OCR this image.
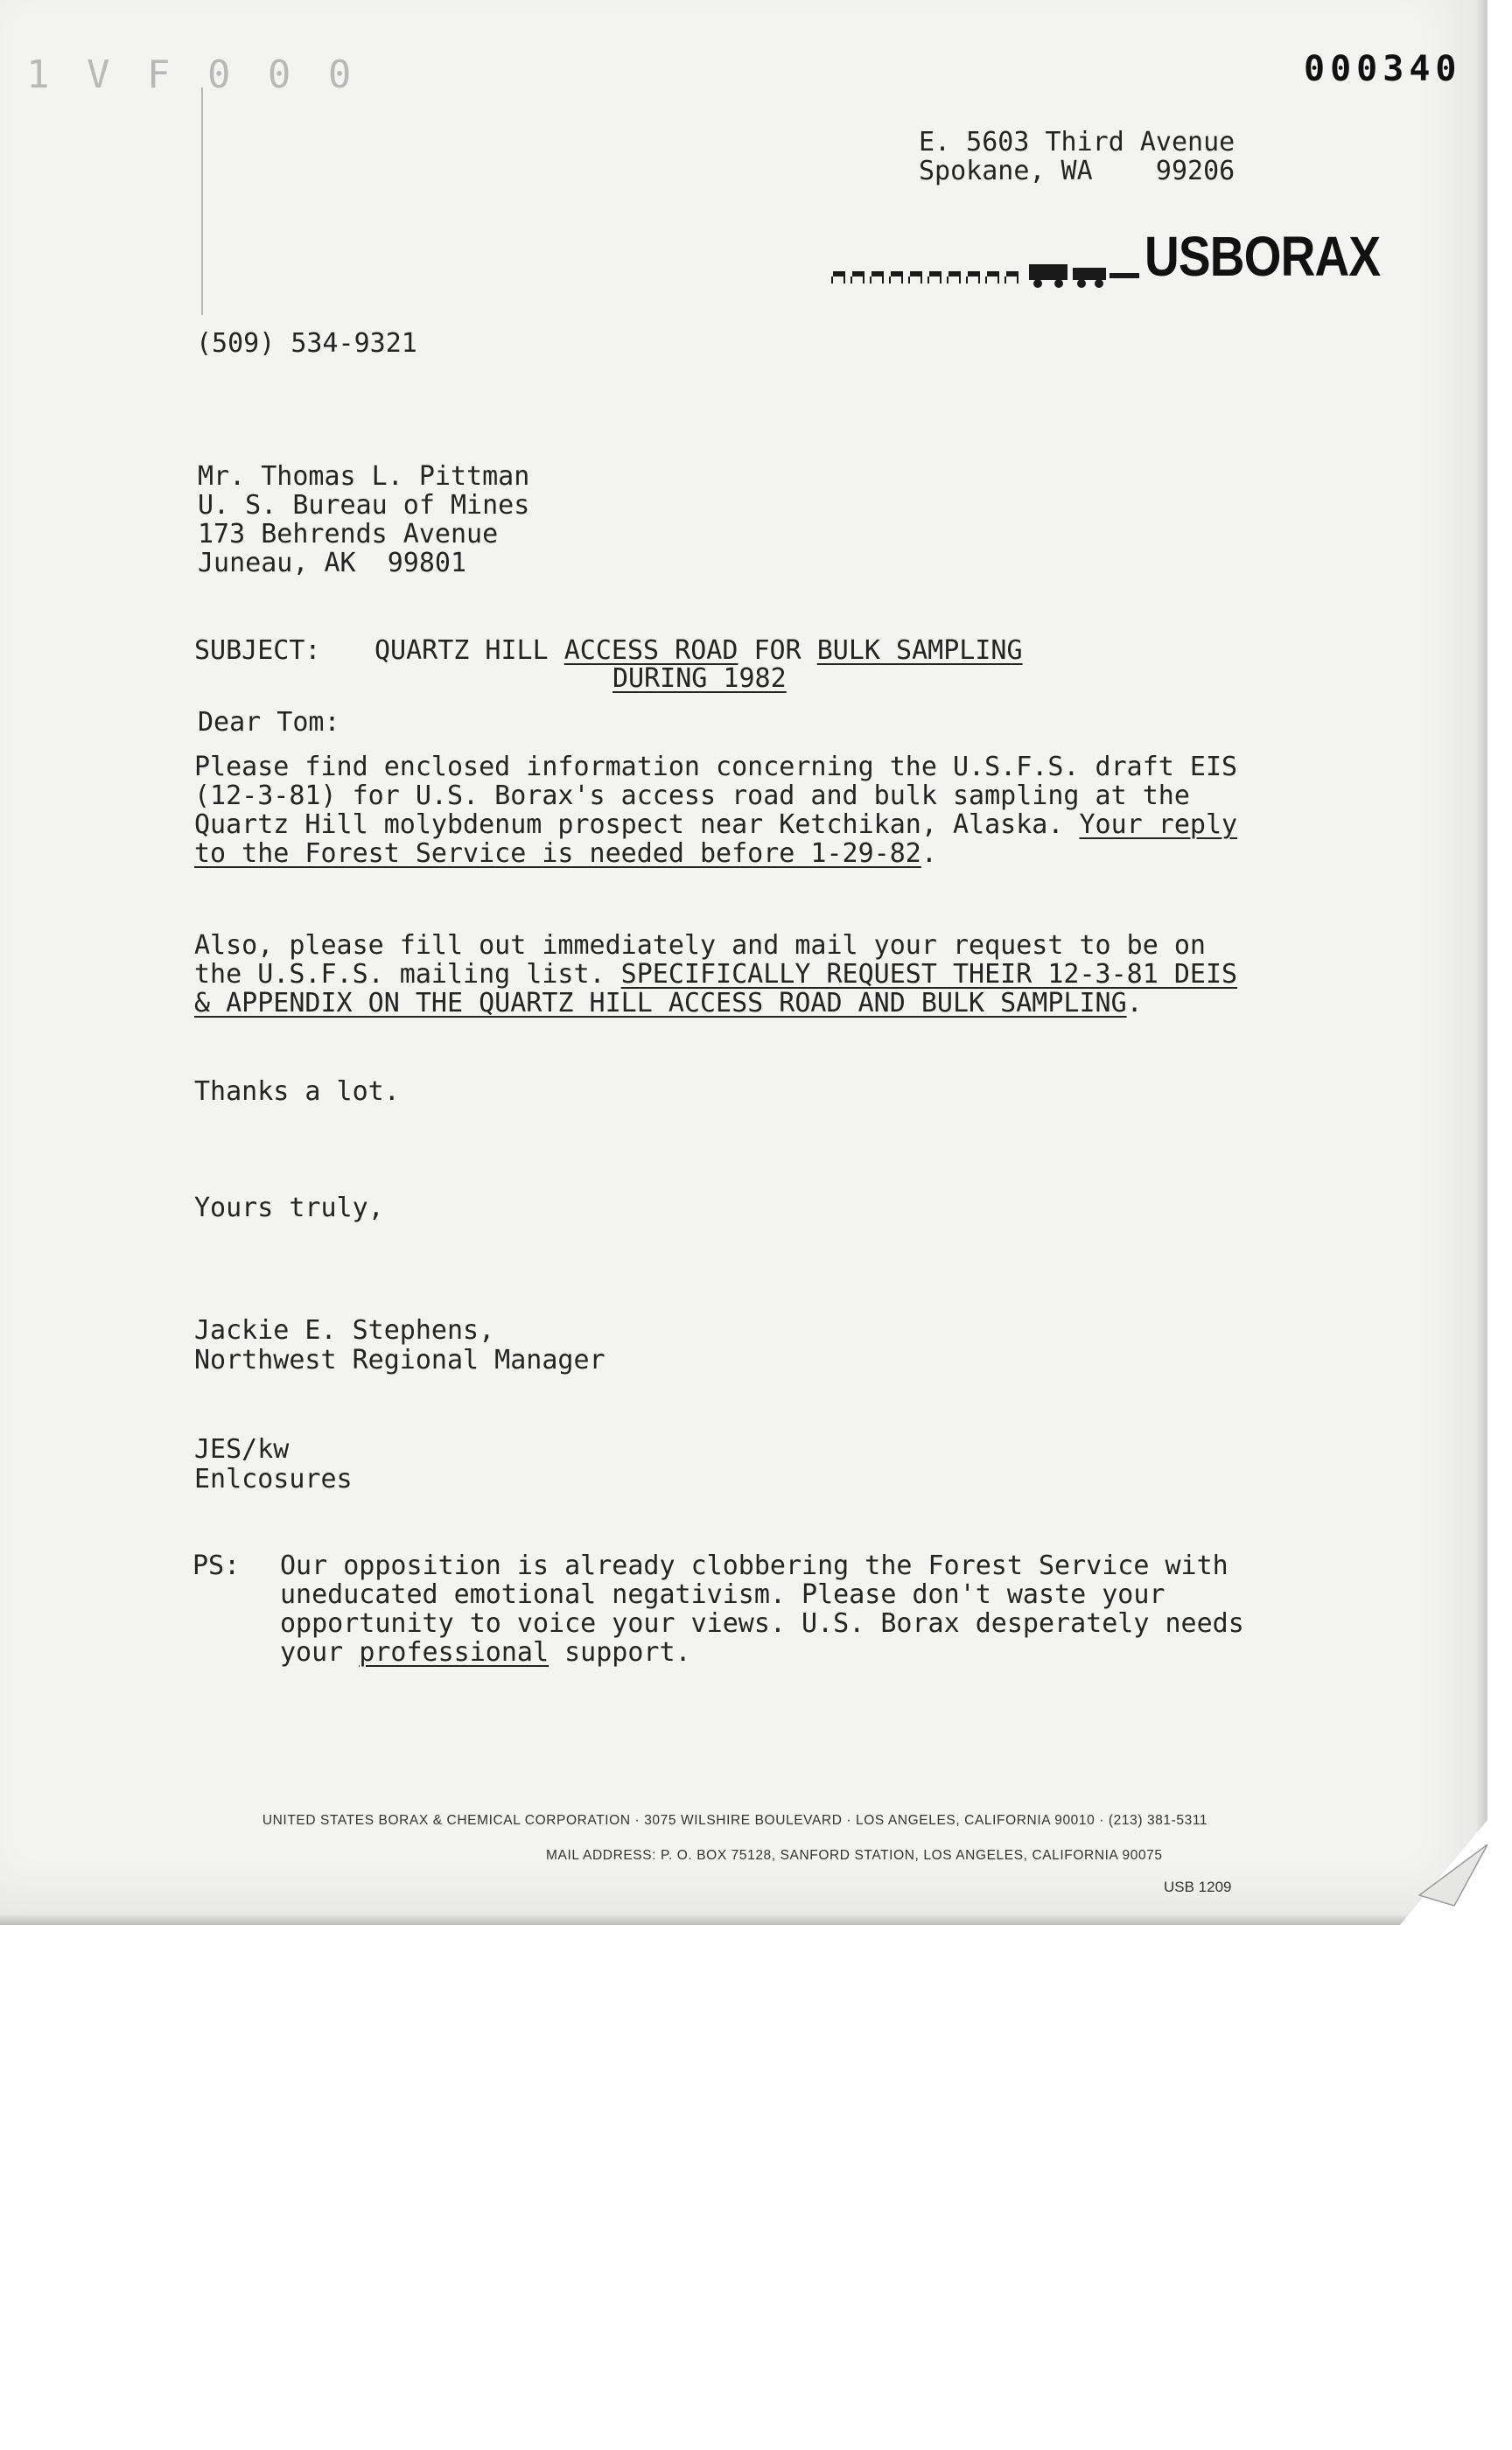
1 V F 0 0 0	000340
E. 5603 Third Avenue
Spokane, WA    99206
USBORAX
(509) 534-9321
Mr. Thomas L. Pittman
U. S. Bureau of Mines
173 Behrends Avenue
Juneau, AK  99801
SUBJECT: QUARTZ HILL ACCESS ROAD FOR BULK SAMPLING
DURING 1982
Dear Tom:
Please find enclosed information concerning the U.S.F.S. draft EIS (12-3-81) for U.S. Borax's access road and bulk sampling at the Quartz Hill molybdenum prospect near Ketchikan, Alaska. Your reply to the Forest Service is needed before 1-29-82.
Also, please fill out immediately and mail your request to be on the U.S.F.S. mailing list. SPECIFICALLY REQUEST THEIR 12-3-81 DEIS & APPENDIX ON THE QUARTZ HILL ACCESS ROAD AND BULK SAMPLING.
Thanks a lot.
Yours truly,
Jackie E. Stephens,
Northwest Regional Manager
JES/kw
Enlcosures
PS: Our opposition is already clobbering the Forest Service with uneducated emotional negativism. Please don't waste your opportunity to voice your views. U.S. Borax desperately needs your professional support.
UNITED STATES BORAX & CHEMICAL CORPORATION · 3075 WILSHIRE BOULEVARD · LOS ANGELES, CALIFORNIA 90010 · (213) 381-5311
MAIL ADDRESS: P. O. BOX 75128, SANFORD STATION, LOS ANGELES, CALIFORNIA 90075
USB 1209
